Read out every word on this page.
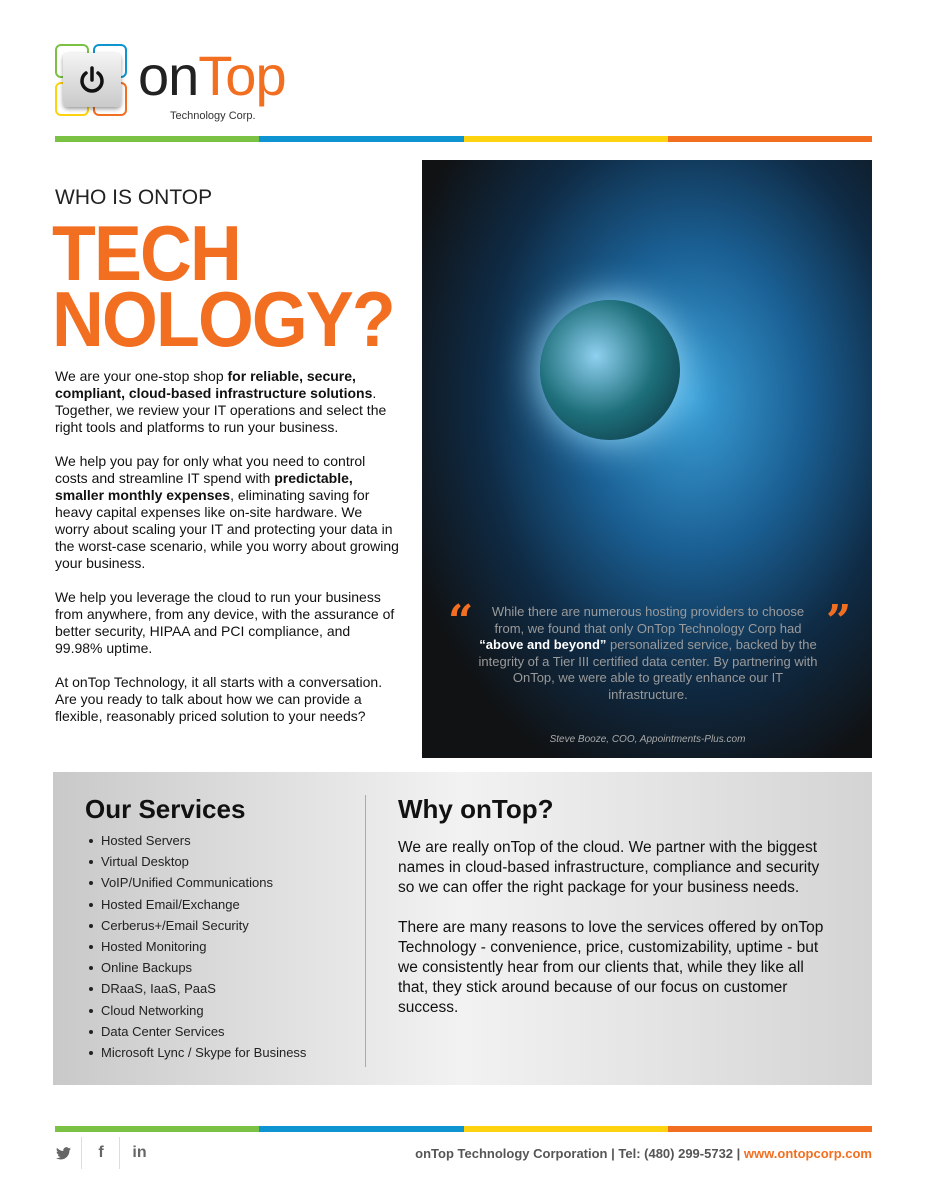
onTop
Technology Corp.
WHO IS ONTOP
TECH
NOLOGY?

We are your one-stop shop for reliable, secure, compliant, cloud-based infrastructure solutions. Together, we review your IT operations and select the right tools and platforms to run your business.

We help you pay for only what you need to control costs and streamline IT spend with predictable, smaller monthly expenses, eliminating saving for heavy capital expenses like on-site hardware. We worry about scaling your IT and protecting your data in the worst-case scenario, while you worry about growing your business.

We help you leverage the cloud to run your business from anywhere, from any device, with the assurance of better security, HIPAA and PCI compliance, and 99.98% uptime.

At onTop Technology, it all starts with a conversation. Are you ready to talk about how we can provide a flexible, reasonably priced solution to your needs?

“	”
While there are numerous hosting providers to choose from, we found that only OnTop Technology Corp had “above and beyond” personalized service, backed by the integrity of a Tier III certified data center. By partnering with OnTop, we were able to greatly enhance our IT infrastructure.
Steve Booze, COO, Appointments-Plus.com
Our Services
Hosted Servers
Virtual Desktop
VoIP/Unified Communications
Hosted Email/Exchange
Cerberus+/Email Security
Hosted Monitoring
Online Backups
DRaaS, IaaS, PaaS
Cloud Networking
Data Center Services
Microsoft Lync / Skype for Business
Why onTop?

We are really onTop of the cloud. We partner with the biggest names in cloud-based infrastructure, compliance and security so we can offer the right package for your business needs.

There are many reasons to love the services offered by onTop Technology - convenience, price, customizability, uptime - but we consistently hear from our clients that, while they like all that, they stick around because of our focus on customer success.

f	in	onTop Technology Corporation | Tel: (480) 299-5732 | www.ontopcorp.com
